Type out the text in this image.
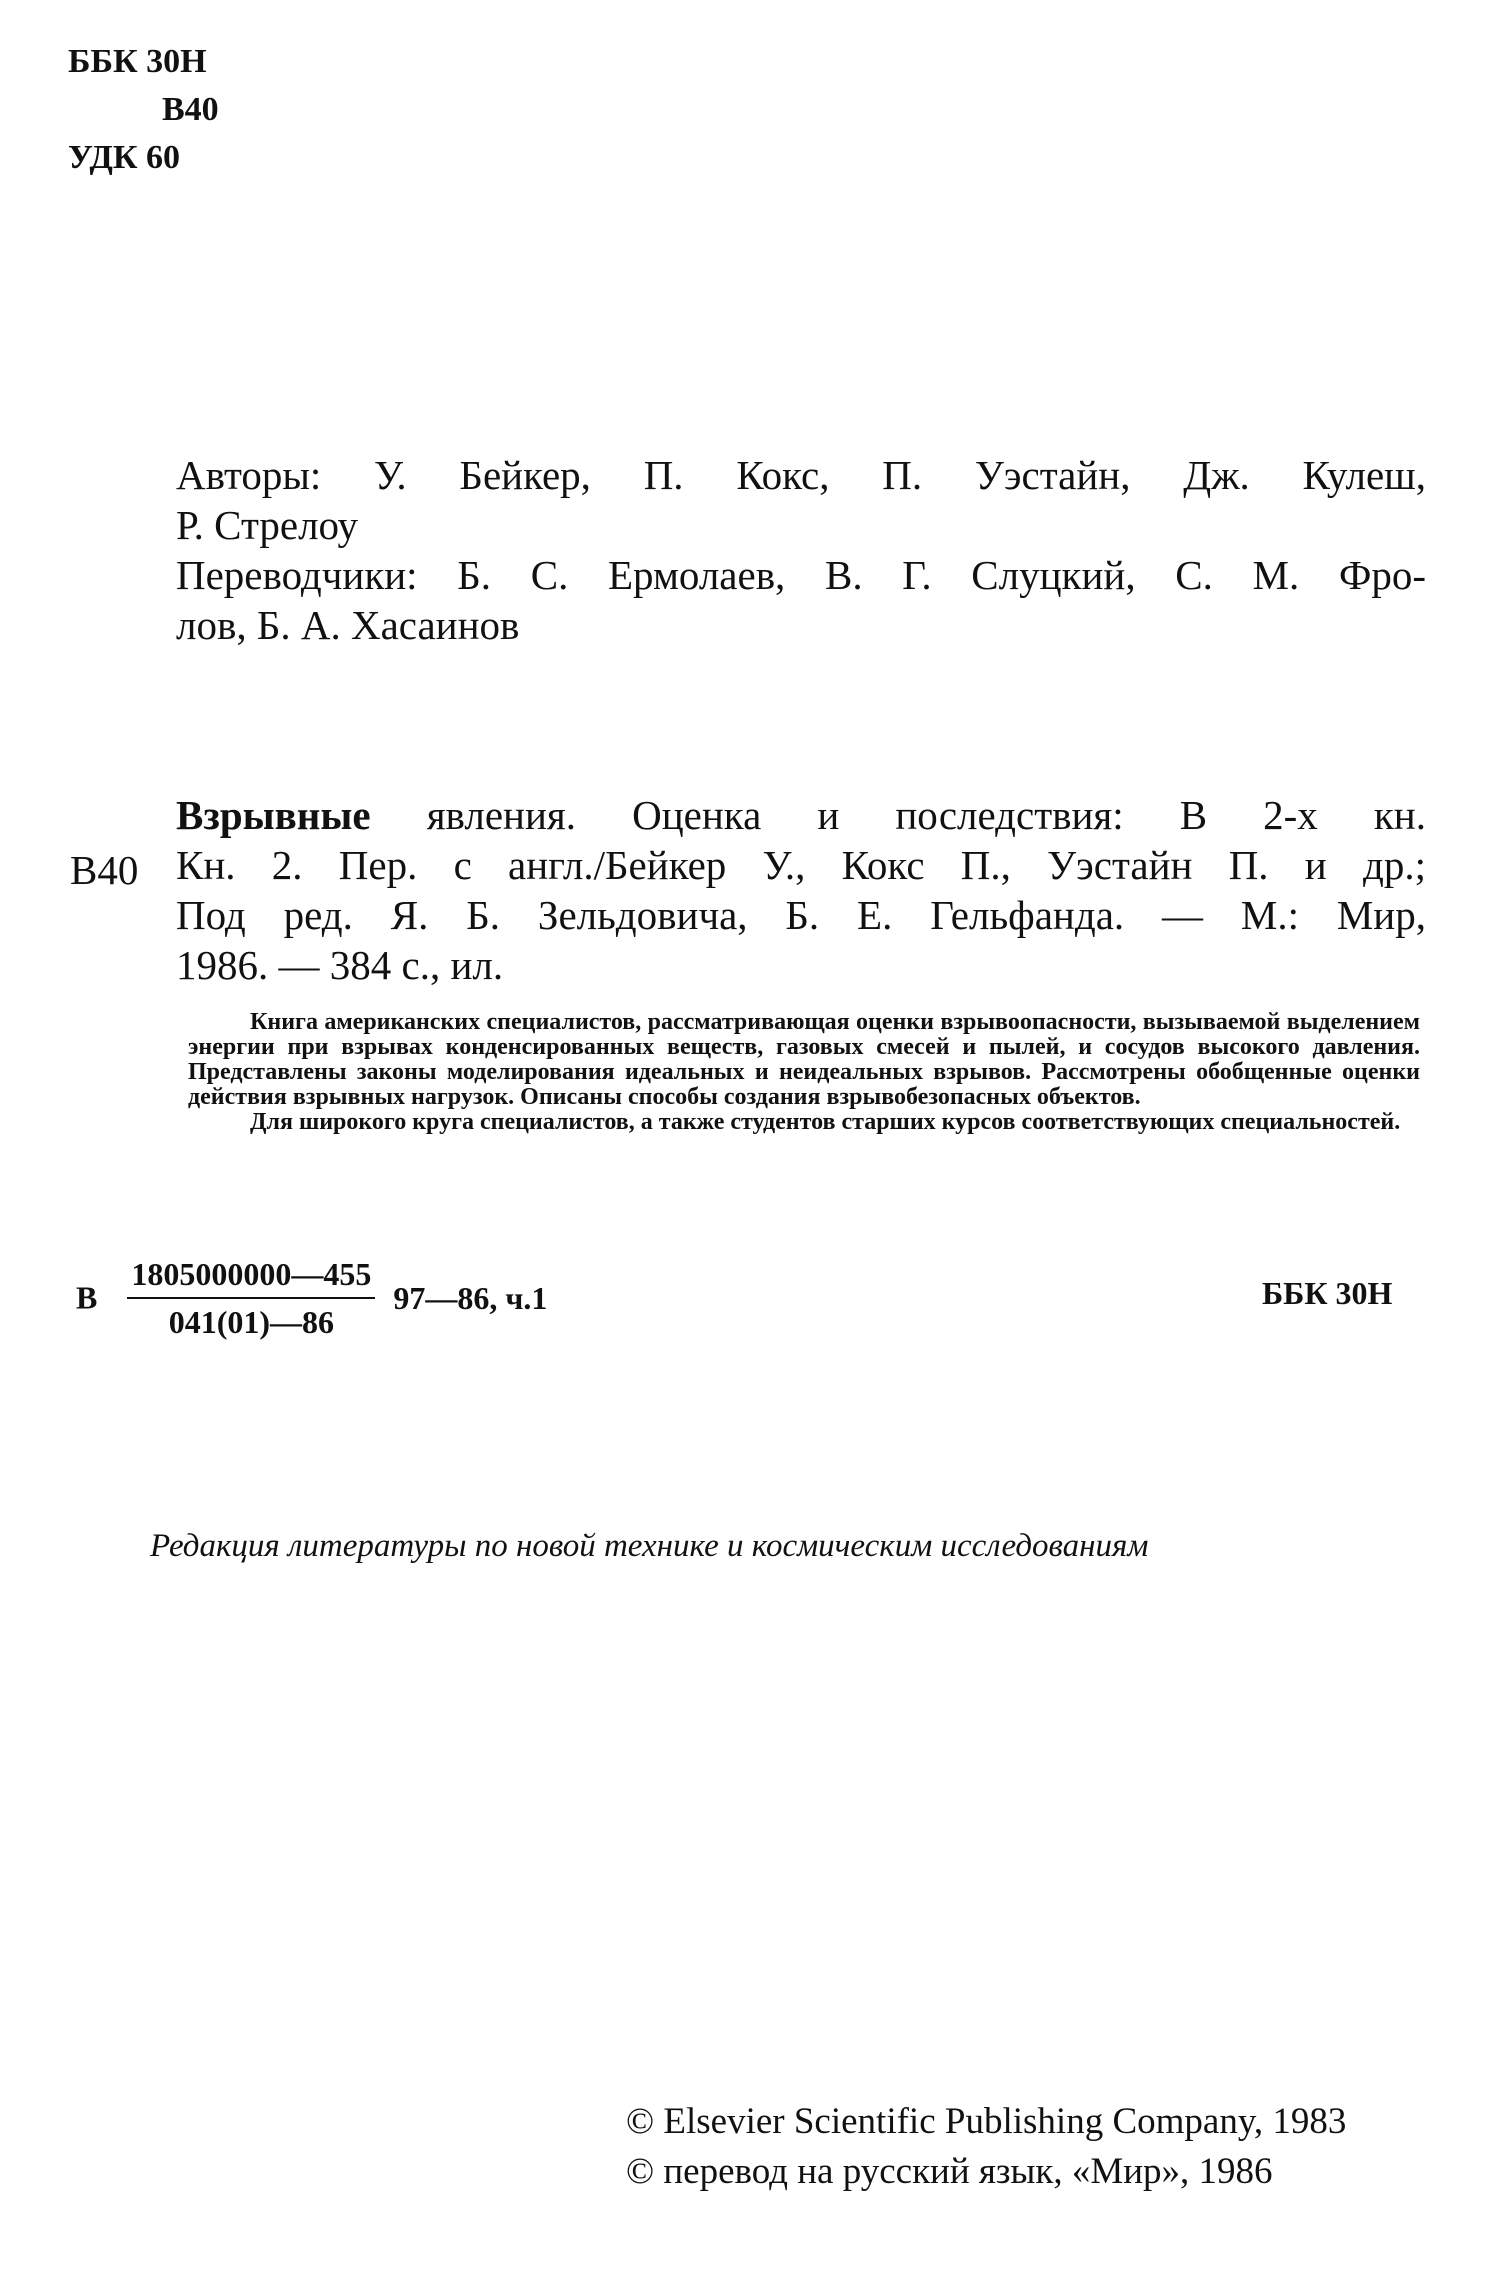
ББК 30Н
В40
УДК 60
Авторы: У. Бейкер, П. Кокс, П. Уэстайн, Дж. Кулеш,
Р. Стрелоу
Переводчики: Б. С. Ермолаев, В. Г. Слуцкий, С. М. Фро-
лов, Б. А. Хасаинов
В40
Взрывные явления. Оценка и последствия: В 2-х кн.
Кн. 2. Пер. с англ./Бейкер У., Кокс П., Уэстайн П. и др.;
Под ред. Я. Б. Зельдовича, Б. Е. Гельфанда. — М.: Мир,
1986. — 384 с., ил.

Книга американских специалистов, рассматривающая оценки взрывоопасности, вызываемой выделением энергии при взрывах конденсированных веществ, газовых смесей и пылей, и сосудов высокого давления. Представлены законы моделирования идеальных и неидеальных взрывов. Рассмотрены обобщенные оценки действия взрывных нагрузок. Описаны способы создания взрывобезопасных объектов.

Для широкого круга специалистов, а также студентов старших курсов соответствующих специальностей.

В $\frac{1805000000—455}{041(01)—86}$ 97—86, ч.1	ББК 30Н
Редакция литературы по новой технике и космическим исследованиям
© Elsevier Scientific Publishing Company, 1983
© перевод на русский язык, «Мир», 1986
